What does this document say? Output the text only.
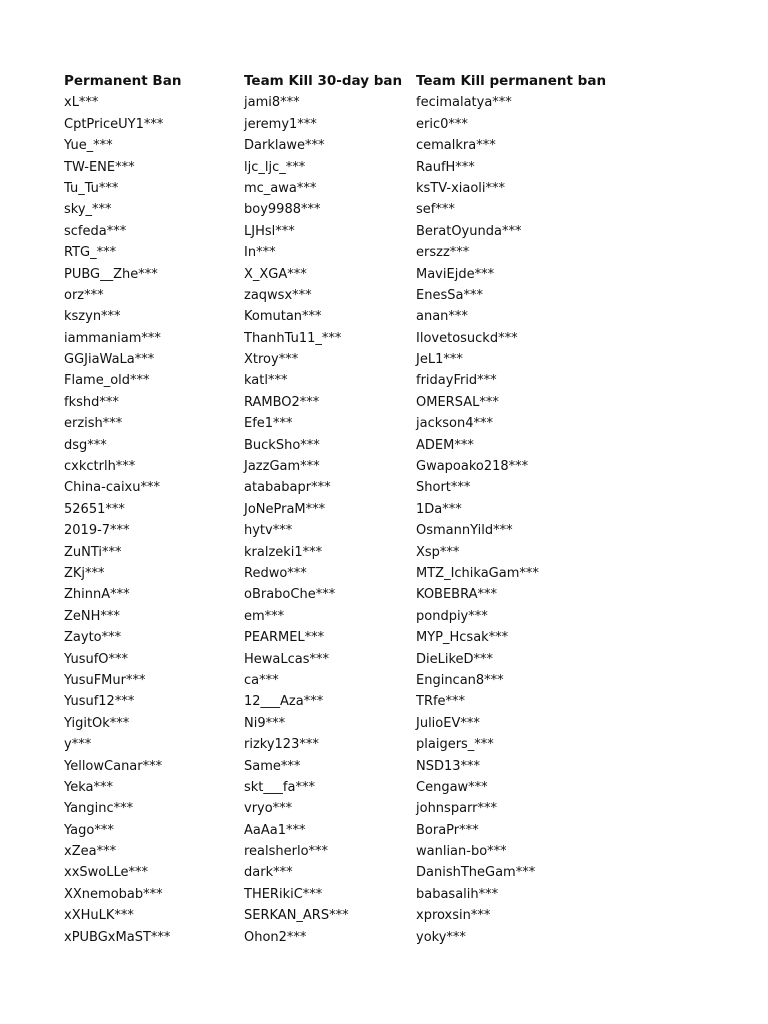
Permanent Ban
xL***
CptPriceUY1***
Yue_***
TW-ENE***
Tu_Tu***
sky_***
scfeda***
RTG_***
PUBG__Zhe***
orz***
kszyn***
iammaniam***
GGJiaWaLa***
Flame_old***
fkshd***
erzish***
dsg***
cxkctrlh***
China-caixu***
52651***
2019-7***
ZuNTi***
ZKj***
ZhinnA***
ZeNH***
Zayto***
YusufO***
YusuFMur***
Yusuf12***
YigitOk***
y***
YellowCanar***
Yeka***
Yanginc***
Yago***
xZea***
xxSwoLLe***
XXnemobab***
xXHuLK***
xPUBGxMaST***
Team Kill 30-day ban
jami8***
jeremy1***
Darklawe***
ljc_ljc_***
mc_awa***
boy9988***
LJHsl***
In***
X_XGA***
zaqwsx***
Komutan***
ThanhTu11_***
Xtroy***
katl***
RAMBO2***
Efe1***
BuckSho***
JazzGam***
atababapr***
JoNePraM***
hytv***
kralzeki1***
Redwo***
oBraboChe***
em***
PEARMEL***
HewaLcas***
ca***
12___Aza***
Ni9***
rizky123***
Same***
skt___fa***
vryo***
AaAa1***
realsherlo***
dark***
THERikiC***
SERKAN_ARS***
Ohon2***
Team Kill permanent ban
fecimalatya***
eric0***
cemalkra***
RaufH***
ksTV-xiaoli***
sef***
BeratOyunda***
erszz***
MaviEjde***
EnesSa***
anan***
Ilovetosuckd***
JeL1***
fridayFrid***
OMERSAL***
jackson4***
ADEM***
Gwapoako218***
Short***
1Da***
OsmannYild***
Xsp***
MTZ_IchikaGam***
KOBEBRA***
pondpiy***
MYP_Hcsak***
DieLikeD***
Engincan8***
TRfe***
JulioEV***
plaigers_***
NSD13***
Cengaw***
johnsparr***
BoraPr***
wanlian-bo***
DanishTheGam***
babasalih***
xproxsin***
yoky***
